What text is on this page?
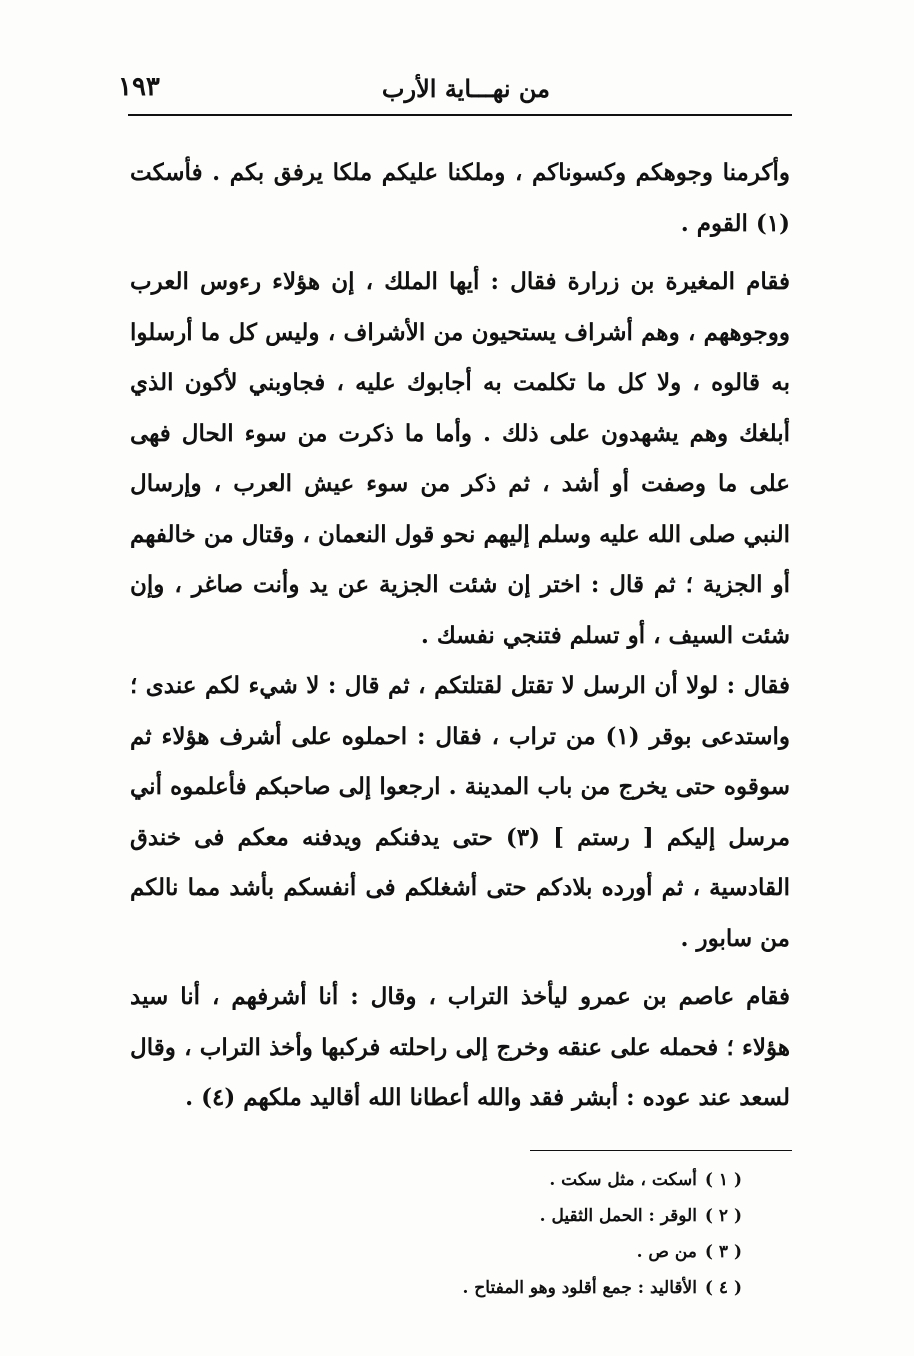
من نهـــاية الأرب
١٩٣

وأكرمنا وجوهكم وكسوناكم ، وملكنا عليكم ملكا يرفق بكم . فأسكت (١) القوم .

فقام المغيرة بن زرارة فقال : أيها الملك ، إن هؤلاء رءوس العرب ووجوههم ، وهم أشراف يستحيون من الأشراف ، وليس كل ما أرسلوا به قالوه ، ولا كل ما تكلمت به أجابوك عليه ، فجاوبني لأكون الذي أبلغك وهم يشهدون على ذلك . وأما ما ذكرت من سوء الحال فهى على ما وصفت أو أشد ، ثم ذكر من سوء عيش العرب ، وإرسال النبي صلى الله عليه وسلم إليهم نحو قول النعمان ، وقتال من خالفهم أو الجزية ؛ ثم قال : اختر إن شئت الجزية عن يد وأنت صاغر ، وإن شئت السيف ، أو تسلم فتنجي نفسك .

فقال : لولا أن الرسل لا تقتل لقتلتكم ، ثم قال : لا شيء لكم عندى ؛ واستدعى بوقر (١) من تراب ، فقال : احملوه على أشرف هؤلاء ثم سوقوه حتى يخرج من باب المدينة . ارجعوا إلى صاحبكم فأعلموه أني مرسل إليكم [ رستم ] (٣) حتى يدفنكم ويدفنه معكم فى خندق القادسية ، ثم أورده بلادكم حتى أشغلكم فى أنفسكم بأشد مما نالكم من سابور .

فقام عاصم بن عمرو ليأخذ التراب ، وقال : أنا أشرفهم ، أنا سيد هؤلاء ؛ فحمله على عنقه وخرج إلى راحلته فركبها وأخذ التراب ، وقال لسعد عند عوده : أبشر فقد والله أعطانا الله أقاليد ملكهم (٤) .

( ١ )أسكت ، مثل سكت .
( ٢ )الوقر : الحمل الثقيل .
( ٣ )من ص .
( ٤ )الأقاليد : جمع أقلود وهو المفتاح .
